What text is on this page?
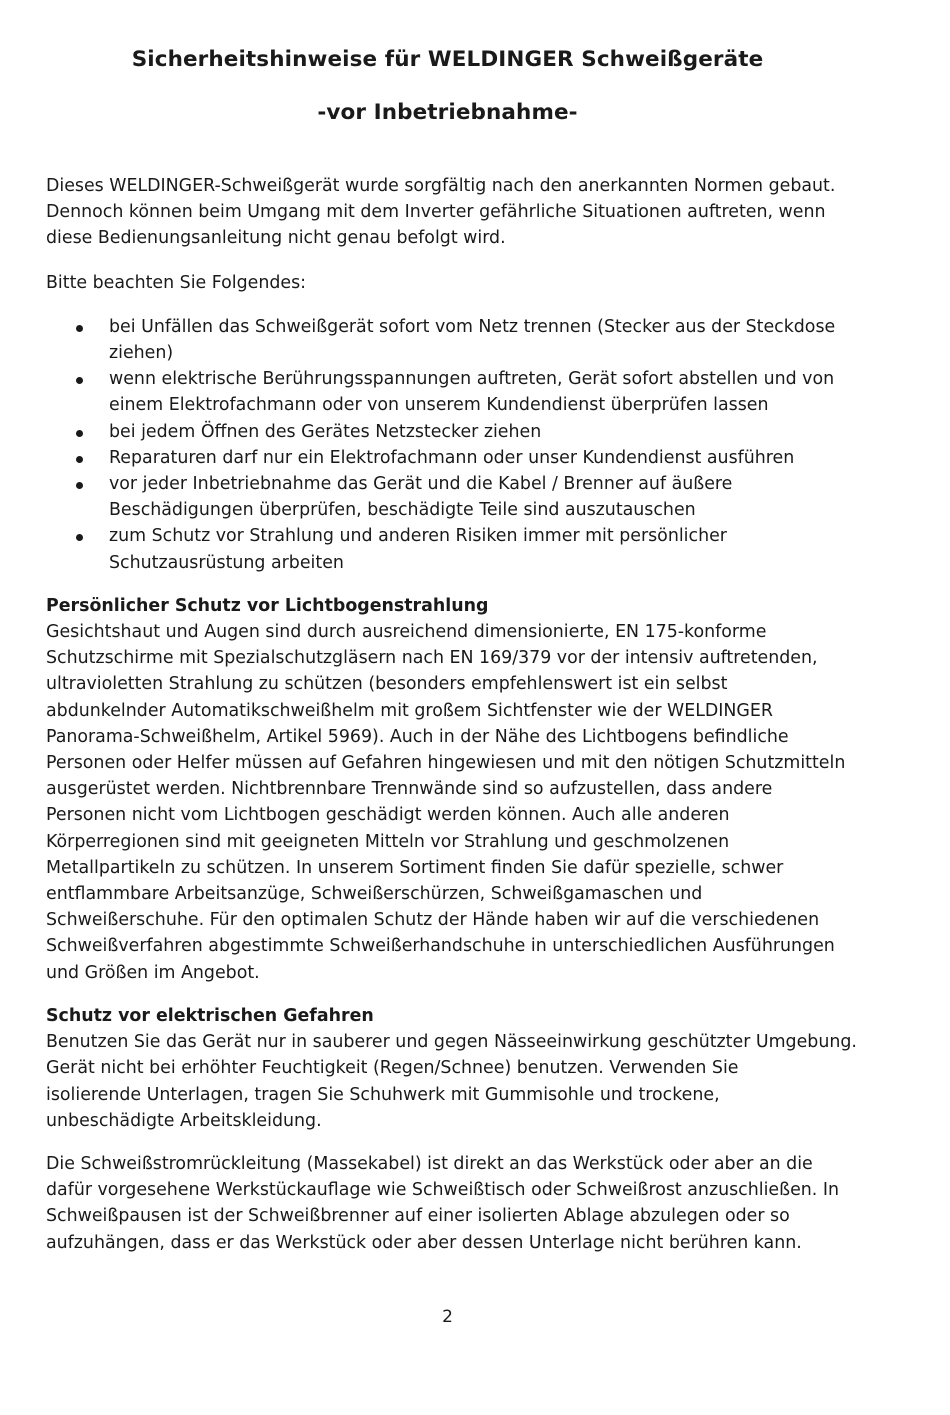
Sicherheitshinweise für WELDINGER Schweißgeräte
-vor Inbetriebnahme-

Dieses WELDINGER-Schweißgerät wurde sorgfältig nach den anerkannten Normen gebaut.
Dennoch können beim Umgang mit dem Inverter gefährliche Situationen auftreten, wenn
diese Bedienungsanleitung nicht genau befolgt wird.

Bitte beachten Sie Folgendes:

bei Unfällen das Schweißgerät sofort vom Netz trennen (Stecker aus der Steckdose
ziehen)
wenn elektrische Berührungsspannungen auftreten, Gerät sofort abstellen und von
einem Elektrofachmann oder von unserem Kundendienst überprüfen lassen
bei jedem Öffnen des Gerätes Netzstecker ziehen
Reparaturen darf nur ein Elektrofachmann oder unser Kundendienst ausführen
vor jeder Inbetriebnahme das Gerät und die Kabel / Brenner auf äußere
Beschädigungen überprüfen, beschädigte Teile sind auszutauschen
zum Schutz vor Strahlung und anderen Risiken immer mit persönlicher
Schutzausrüstung arbeiten

Persönlicher Schutz vor Lichtbogenstrahlung
Gesichtshaut und Augen sind durch ausreichend dimensionierte, EN 175-konforme
Schutzschirme mit Spezialschutzgläsern nach EN 169/379 vor der intensiv auftretenden,
ultravioletten Strahlung zu schützen (besonders empfehlenswert ist ein selbst
abdunkelnder Automatikschweißhelm mit großem Sichtfenster wie der WELDINGER
Panorama-Schweißhelm, Artikel 5969). Auch in der Nähe des Lichtbogens befindliche
Personen oder Helfer müssen auf Gefahren hingewiesen und mit den nötigen Schutzmitteln
ausgerüstet werden. Nichtbrennbare Trennwände sind so aufzustellen, dass andere
Personen nicht vom Lichtbogen geschädigt werden können. Auch alle anderen
Körperregionen sind mit geeigneten Mitteln vor Strahlung und geschmolzenen
Metallpartikeln zu schützen. In unserem Sortiment finden Sie dafür spezielle, schwer
entflammbare Arbeitsanzüge, Schweißerschürzen, Schweißgamaschen und
Schweißerschuhe. Für den optimalen Schutz der Hände haben wir auf die verschiedenen
Schweißverfahren abgestimmte Schweißerhandschuhe in unterschiedlichen Ausführungen
und Größen im Angebot.

Schutz vor elektrischen Gefahren
Benutzen Sie das Gerät nur in sauberer und gegen Nässeeinwirkung geschützter Umgebung.
Gerät nicht bei erhöhter Feuchtigkeit (Regen/Schnee) benutzen. Verwenden Sie
isolierende Unterlagen, tragen Sie Schuhwerk mit Gummisohle und trockene,
unbeschädigte Arbeitskleidung.

Die Schweißstromrückleitung (Massekabel) ist direkt an das Werkstück oder aber an die
dafür vorgesehene Werkstückauflage wie Schweißtisch oder Schweißrost anzuschließen. In
Schweißpausen ist der Schweißbrenner auf einer isolierten Ablage abzulegen oder so
aufzuhängen, dass er das Werkstück oder aber dessen Unterlage nicht berühren kann.

2
